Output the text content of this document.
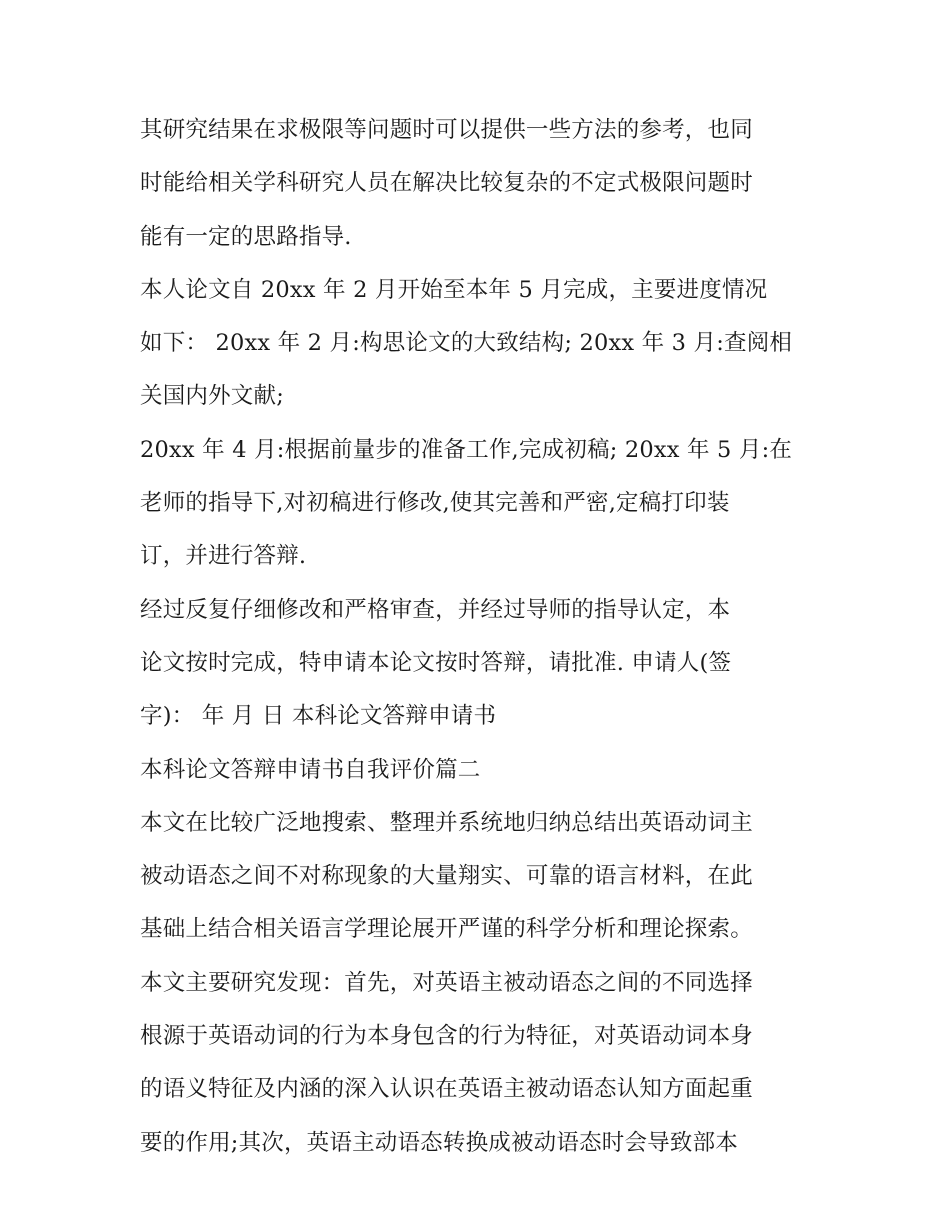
其研究结果在求极限等问题时可以提供一些方法的参考，也同
时能给相关学科研究人员在解决比较复杂的不定式极限问题时
能有一定的思路指导.
本人论文自 20xx 年 2 月开始至本年 5 月完成，主要进度情况
如下： 20xx 年 2 月:构思论文的大致结构; 20xx 年 3 月:查阅相
关国内外文献;
20xx 年 4 月:根据前量步的准备工作,完成初稿; 20xx 年 5 月:在
老师的指导下,对初稿进行修改,使其完善和严密,定稿打印装
订，并进行答辩.
经过反复仔细修改和严格审查，并经过导师的指导认定，本
论文按时完成，特申请本论文按时答辩，请批准. 申请人(签
字)： 年 月 日 本科论文答辩申请书
本科论文答辩申请书自我评价篇二
本文在比较广泛地搜索、整理并系统地归纳总结出英语动词主
被动语态之间不对称现象的大量翔实、可靠的语言材料，在此
基础上结合相关语言学理论展开严谨的科学分析和理论探索。
本文主要研究发现：首先，对英语主被动语态之间的不同选择
根源于英语动词的行为本身包含的行为特征，对英语动词本身
的语义特征及内涵的深入认识在英语主被动语态认知方面起重
要的作用;其次，英语主动语态转换成被动语态时会导致部本
